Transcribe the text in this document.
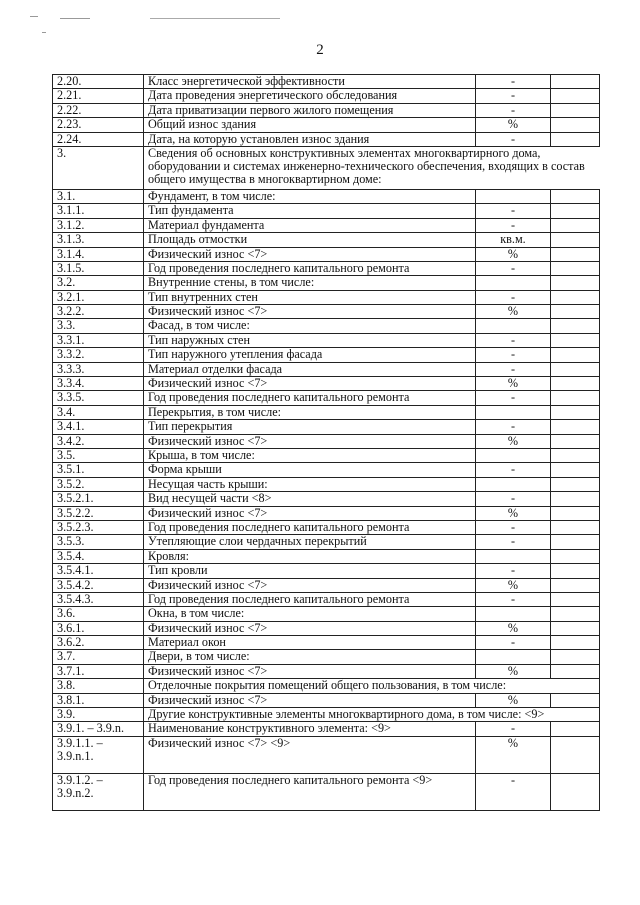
2
2.20.	Класс энергетической эффективности	-	
2.21.	Дата проведения энергетического обследования	-	
2.22.	Дата приватизации первого жилого помещения	-	
2.23.	Общий износ здания	%	
2.24.	Дата, на которую установлен износ здания	-	
3.	Сведения об основных конструктивных элементах многоквартирного дома, оборудовании и системах инженерно-технического обеспечения, входящих в состав общего имущества в многоквартирном доме:		
3.1.	Фундамент, в том числе:		
3.1.1.	Тип фундамента	-	
3.1.2.	Материал фундамента	-	
3.1.3.	Площадь отмостки	кв.м.	
3.1.4.	Физический износ <7>	%	
3.1.5.	Год проведения последнего капитального ремонта	-	
3.2.	Внутренние стены, в том числе:		
3.2.1.	Тип внутренних стен	-	
3.2.2.	Физический износ <7>	%	
3.3.	Фасад, в том числе:		
3.3.1.	Тип наружных стен	-	
3.3.2.	Тип наружного утепления фасада	-	
3.3.3.	Материал отделки фасада	-	
3.3.4.	Физический износ <7>	%	
3.3.5.	Год проведения последнего капитального ремонта	-	
3.4.	Перекрытия, в том числе:		
3.4.1.	Тип перекрытия	-	
3.4.2.	Физический износ <7>	%	
3.5.	Крыша, в том числе:		
3.5.1.	Форма крыши	-	
3.5.2.	Несущая часть крыши:		
3.5.2.1.	Вид несущей части <8>	-	
3.5.2.2.	Физический износ <7>	%	
3.5.2.3.	Год проведения последнего капитального ремонта	-	
3.5.3.	Утепляющие слои чердачных перекрытий	-	
3.5.4.	Кровля:		
3.5.4.1.	Тип кровли	-	
3.5.4.2.	Физический износ <7>	%	
3.5.4.3.	Год проведения последнего капитального ремонта	-	
3.6.	Окна, в том числе:		
3.6.1.	Физический износ <7>	%	
3.6.2.	Материал окон	-	
3.7.	Двери, в том числе:		
3.7.1.	Физический износ <7>	%	
3.8.	Отделочные покрытия помещений общего пользования, в том числе:		
3.8.1.	Физический износ <7>	%	
3.9.	Другие конструктивные элементы многоквартирного дома, в том числе: <9>		
3.9.1. – 3.9.n.	Наименование конструктивного элемента: <9>	-	
3.9.1.1. – 3.9.n.1.	Физический износ <7> <9>	%	
3.9.1.2. – 3.9.n.2.	Год проведения последнего капитального ремонта <9>	-	
